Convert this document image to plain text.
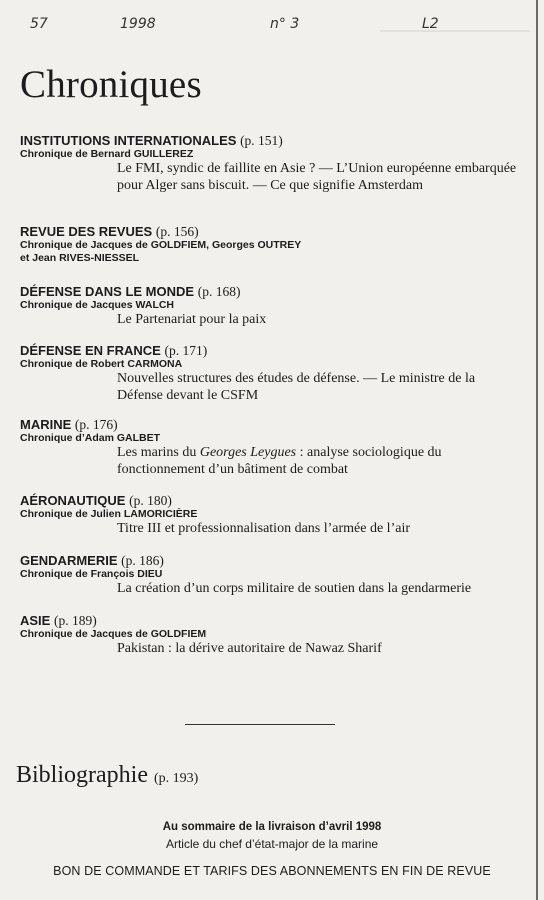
57	1998	n° 3	L2
Chroniques
INSTITUTIONS INTERNATIONALES (p. 151)
Chronique de Bernard GUILLEREZ
Le FMI, syndic de faillite en Asie ? — L’Union européenne embarquée pour Alger sans biscuit. — Ce que signifie Amsterdam
REVUE DES REVUES (p. 156)
Chronique de Jacques de GOLDFIEM, Georges OUTREY
et Jean RIVES-NIESSEL
DÉFENSE DANS LE MONDE (p. 168)
Chronique de Jacques WALCH
Le Partenariat pour la paix
DÉFENSE EN FRANCE (p. 171)
Chronique de Robert CARMONA
Nouvelles structures des études de défense. — Le ministre de la Défense devant le CSFM
MARINE (p. 176)
Chronique d’Adam GALBET
Les marins du Georges Leygues : analyse sociologique du fonctionnement d’un bâtiment de combat
AÉRONAUTIQUE (p. 180)
Chronique de Julien LAMORICIÈRE
Titre III et professionnalisation dans l’armée de l’air
GENDARMERIE (p. 186)
Chronique de François DIEU
La création d’un corps militaire de soutien dans la gendarmerie
ASIE (p. 189)
Chronique de Jacques de GOLDFIEM
Pakistan : la dérive autoritaire de Nawaz Sharif
Bibliographie (p. 193)
Au sommaire de la livraison d’avril 1998
Article du chef d’état-major de la marine
BON DE COMMANDE ET TARIFS DES ABONNEMENTS EN FIN DE REVUE
